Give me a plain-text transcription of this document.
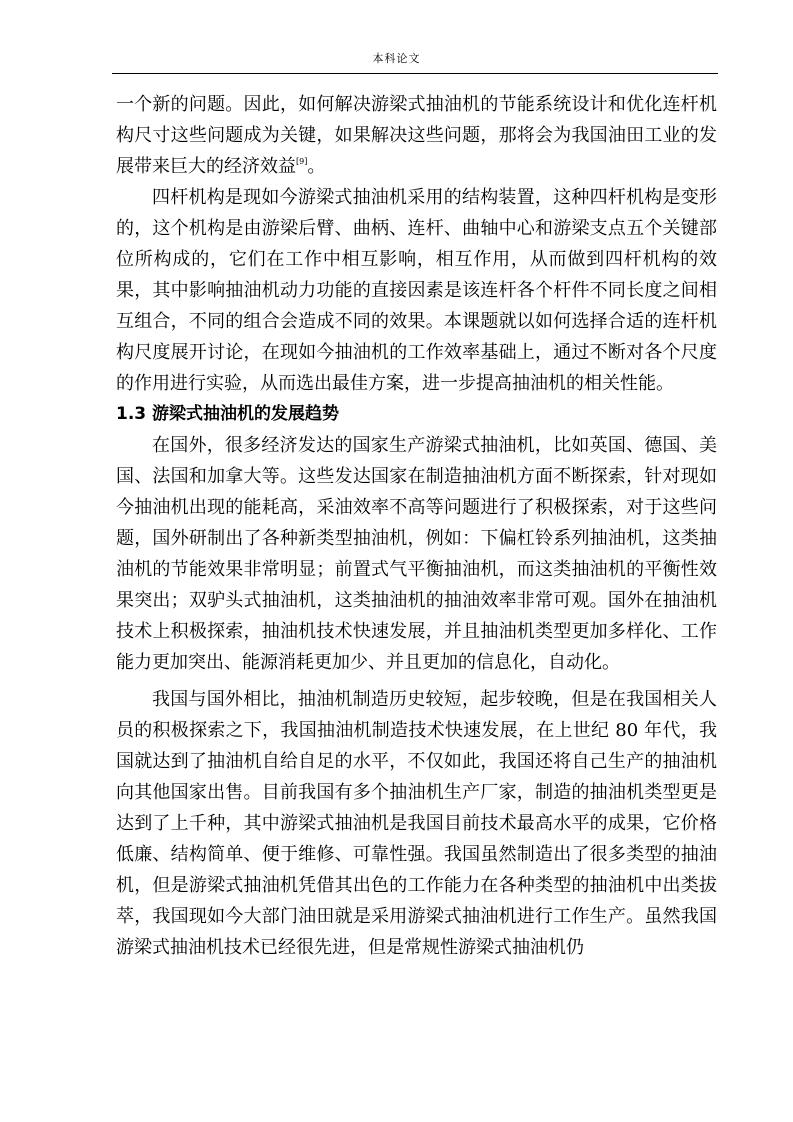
本科论文

一个新的问题。因此，如何解决游梁式抽油机的节能系统设计和优化连杆机构尺寸这些问题成为关键，如果解决这些问题，那将会为我国油田工业的发展带来巨大的经济效益[9]。

四杆机构是现如今游梁式抽油机采用的结构装置，这种四杆机构是变形的，这个机构是由游梁后臂、曲柄、连杆、曲轴中心和游梁支点五个关键部位所构成的，它们在工作中相互影响，相互作用，从而做到四杆机构的效果，其中影响抽油机动力功能的直接因素是该连杆各个杆件不同长度之间相互组合，不同的组合会造成不同的效果。本课题就以如何选择合适的连杆机构尺度展开讨论，在现如今抽油机的工作效率基础上，通过不断对各个尺度的作用进行实验，从而选出最佳方案，进一步提高抽油机的相关性能。

1.3 游梁式抽油机的发展趋势

在国外，很多经济发达的国家生产游梁式抽油机，比如英国、德国、美国、法国和加拿大等。这些发达国家在制造抽油机方面不断探索，针对现如今抽油机出现的能耗高，采油效率不高等问题进行了积极探索，对于这些问题，国外研制出了各种新类型抽油机，例如：下偏杠铃系列抽油机，这类抽油机的节能效果非常明显；前置式气平衡抽油机，而这类抽油机的平衡性效果突出；双驴头式抽油机，这类抽油机的抽油效率非常可观。国外在抽油机技术上积极探索，抽油机技术快速发展，并且抽油机类型更加多样化、工作能力更加突出、能源消耗更加少、并且更加的信息化，自动化。

我国与国外相比，抽油机制造历史较短，起步较晚，但是在我国相关人员的积极探索之下，我国抽油机制造技术快速发展，在上世纪 80 年代，我国就达到了抽油机自给自足的水平，不仅如此，我国还将自己生产的抽油机向其他国家出售。目前我国有多个抽油机生产厂家，制造的抽油机类型更是达到了上千种，其中游梁式抽油机是我国目前技术最高水平的成果，它价格低廉、结构简单、便于维修、可靠性强。我国虽然制造出了很多类型的抽油机，但是游梁式抽油机凭借其出色的工作能力在各种类型的抽油机中出类拔萃，我国现如今大部门油田就是采用游梁式抽油机进行工作生产。虽然我国游梁式抽油机技术已经很先进，但是常规性游梁式抽油机仍
